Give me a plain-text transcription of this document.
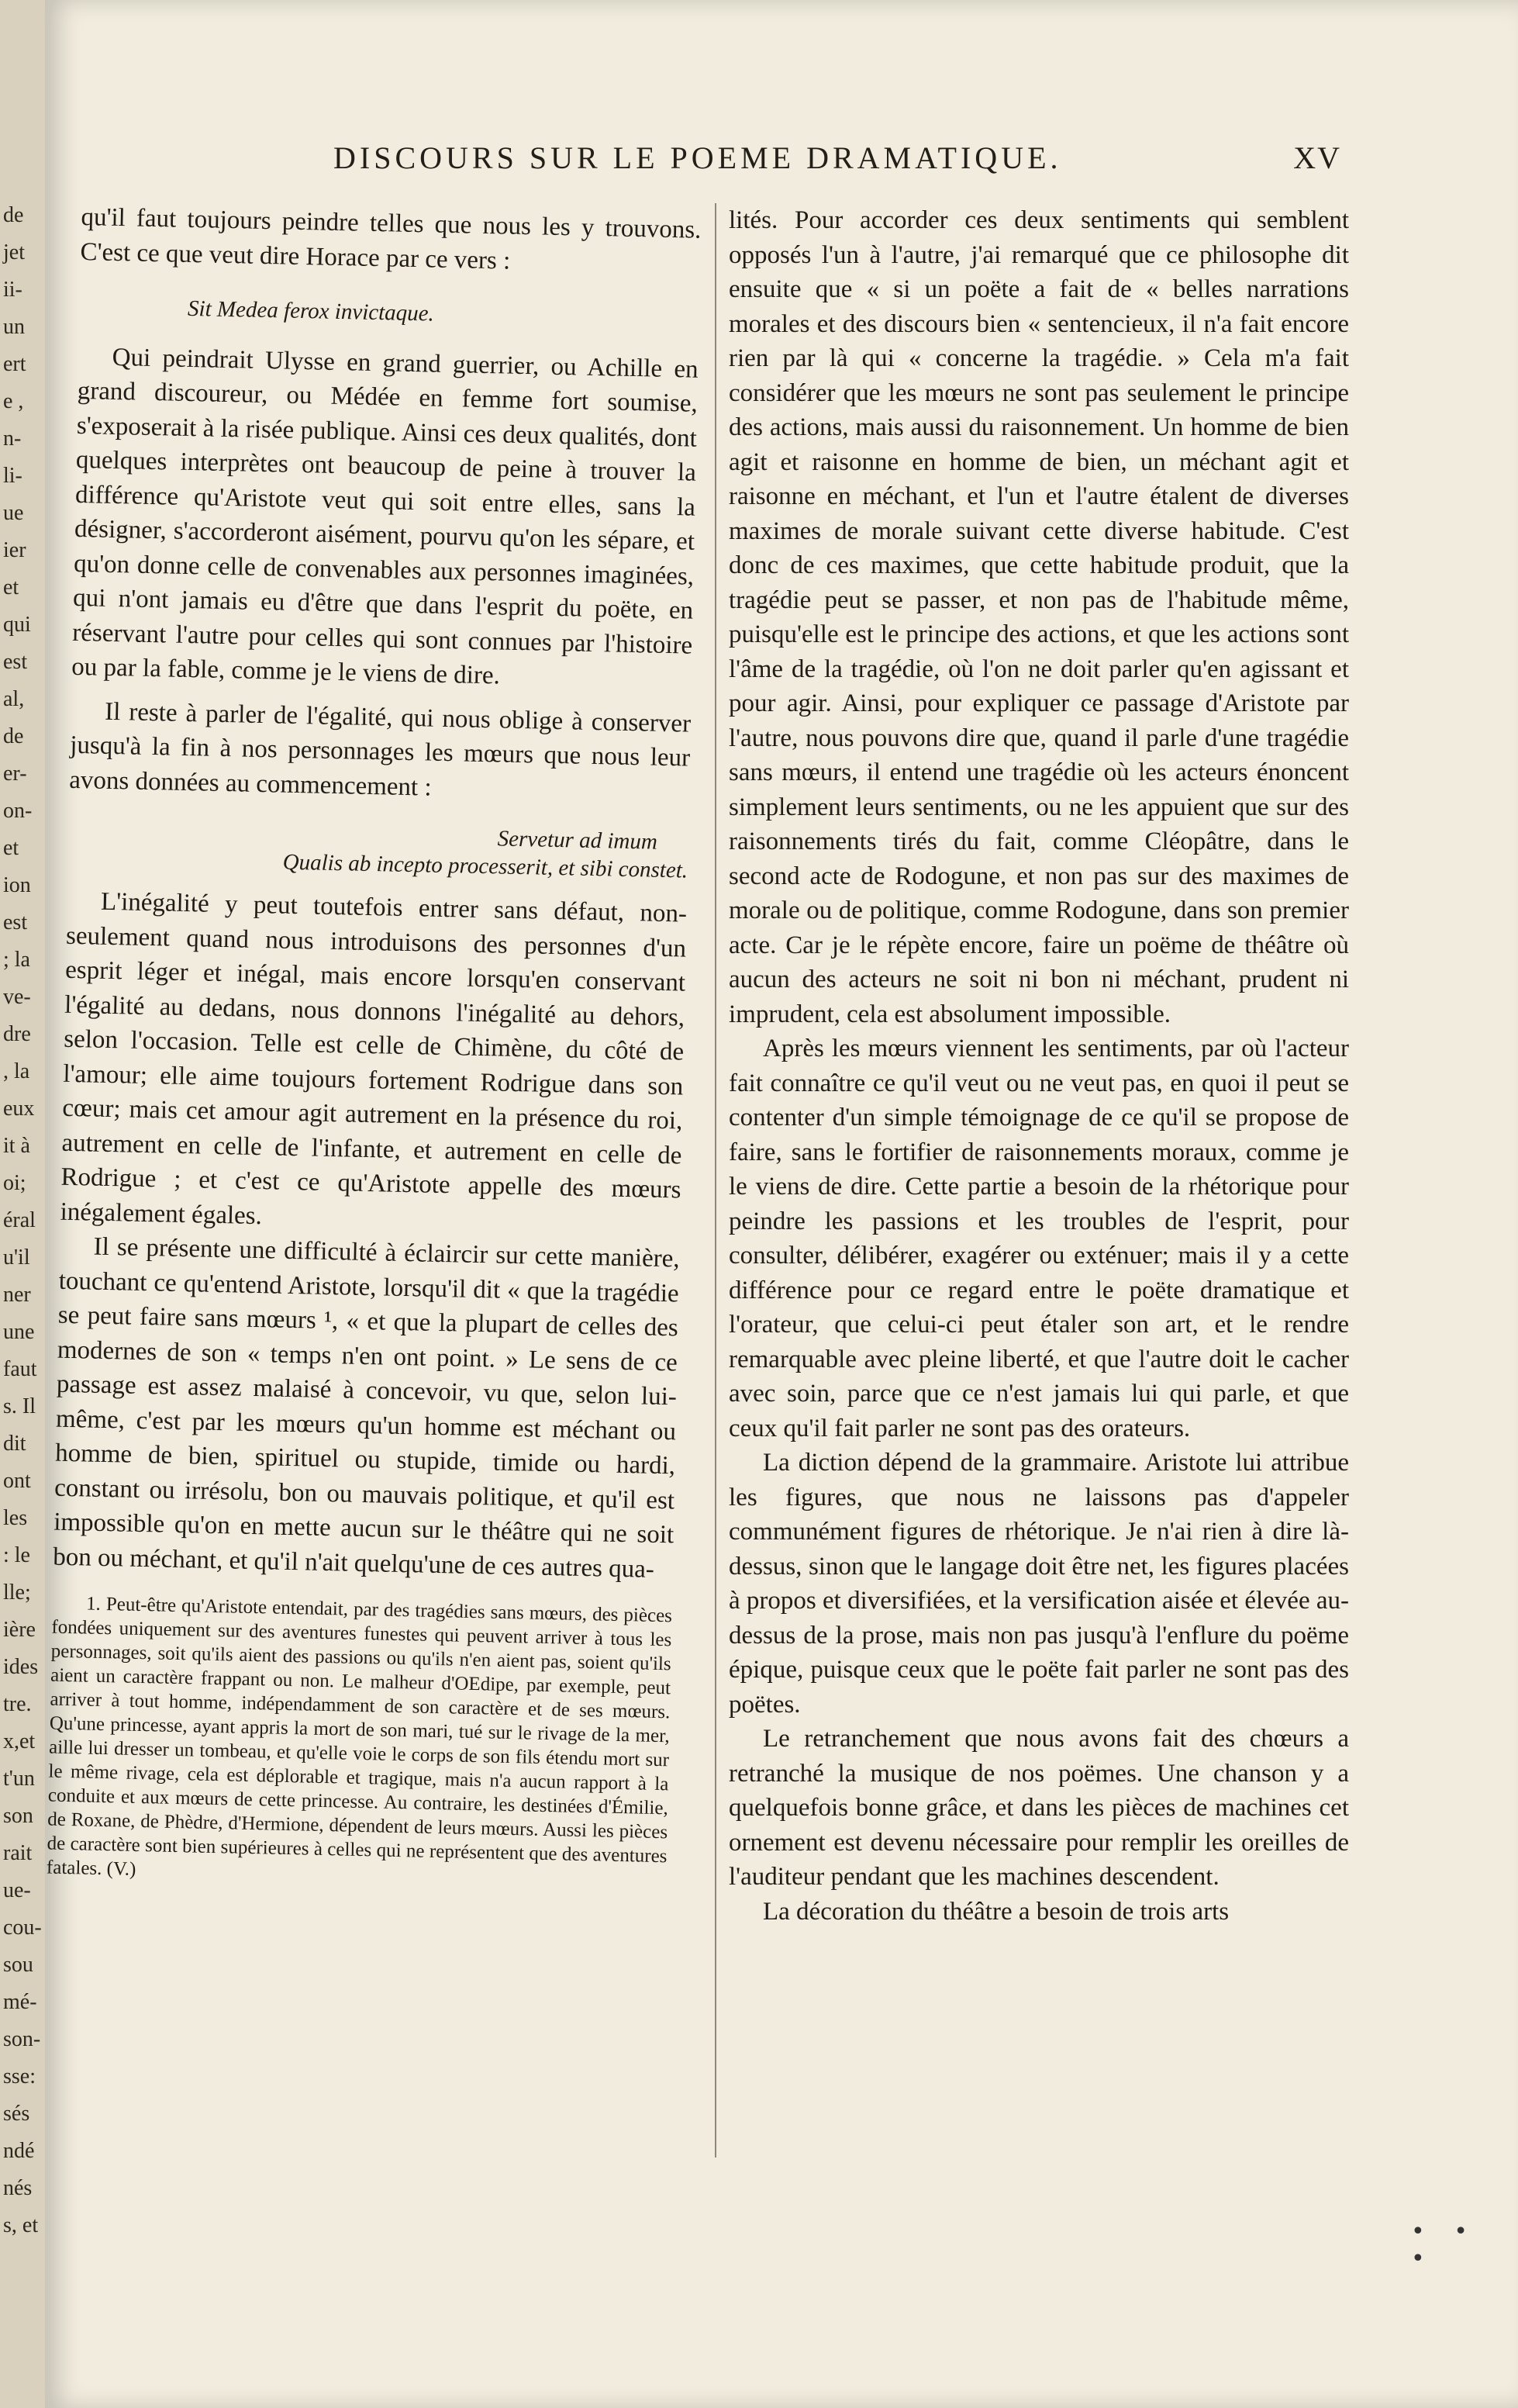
de
jet
ii-
un
ert
e ,
n-
li-
ue
ier
et
qui
est
al,
de
er-
on-
et
ion
est
; la
ve-
dre
, la
eux
it à
oi;
éral
u'il
ner
une
faut
s. Il
dit
ont
les
: le
lle;
ière
ides
tre.
x,et
t'un
son
rait
ue-
cou-
sou
mé-
son-
sse:
sés
ndé
nés
s, et
DISCOURS SUR LE POEME DRAMATIQUE.	XV

qu'il faut toujours peindre telles que nous les y trouvons. C'est ce que veut dire Horace par ce vers :

Sit Medea ferox invictaque.

Qui peindrait Ulysse en grand guerrier, ou Achille en grand discoureur, ou Médée en femme fort soumise, s'exposerait à la risée publique. Ainsi ces deux qualités, dont quelques interprètes ont beaucoup de peine à trouver la différence qu'Aristote veut qui soit entre elles, sans la désigner, s'accorderont aisément, pourvu qu'on les sépare, et qu'on donne celle de convenables aux personnes imaginées, qui n'ont jamais eu d'être que dans l'esprit du poëte, en réservant l'autre pour celles qui sont connues par l'histoire ou par la fable, comme je le viens de dire.

Il reste à parler de l'égalité, qui nous oblige à conserver jusqu'à la fin à nos personnages les mœurs que nous leur avons données au commencement :

Servetur ad imum
Qualis ab incepto processerit, et sibi constet.

L'inégalité y peut toutefois entrer sans défaut, non-seulement quand nous introduisons des personnes d'un esprit léger et inégal, mais encore lorsqu'en conservant l'égalité au dedans, nous donnons l'inégalité au dehors, selon l'occasion. Telle est celle de Chimène, du côté de l'amour; elle aime toujours fortement Rodrigue dans son cœur; mais cet amour agit autrement en la présence du roi, autrement en celle de l'infante, et autrement en celle de Rodrigue ; et c'est ce qu'Aristote appelle des mœurs inégalement égales.

Il se présente une difficulté à éclaircir sur cette manière, touchant ce qu'entend Aristote, lorsqu'il dit « que la tragédie se peut faire sans mœurs ¹, « et que la plupart de celles des modernes de son « temps n'en ont point. » Le sens de ce passage est assez malaisé à concevoir, vu que, selon lui-même, c'est par les mœurs qu'un homme est méchant ou homme de bien, spirituel ou stupide, timide ou hardi, constant ou irrésolu, bon ou mauvais politique, et qu'il est impossible qu'on en mette aucun sur le théâtre qui ne soit bon ou méchant, et qu'il n'ait quelqu'une de ces autres qua-

1. Peut-être qu'Aristote entendait, par des tragédies sans mœurs, des pièces fondées uniquement sur des aventures funestes qui peuvent arriver à tous les personnages, soit qu'ils aient des passions ou qu'ils n'en aient pas, soient qu'ils aient un caractère frappant ou non. Le malheur d'OEdipe, par exemple, peut arriver à tout homme, indépendamment de son caractère et de ses mœurs. Qu'une princesse, ayant appris la mort de son mari, tué sur le rivage de la mer, aille lui dresser un tombeau, et qu'elle voie le corps de son fils étendu mort sur le même rivage, cela est déplorable et tragique, mais n'a aucun rapport à la conduite et aux mœurs de cette princesse. Au contraire, les destinées d'Émilie, de Roxane, de Phèdre, d'Hermione, dépendent de leurs mœurs. Aussi les pièces de caractère sont bien supérieures à celles qui ne représentent que des aventures fatales. (V.)

lités. Pour accorder ces deux sentiments qui semblent opposés l'un à l'autre, j'ai remarqué que ce philosophe dit ensuite que « si un poëte a fait de « belles narrations morales et des discours bien « sentencieux, il n'a fait encore rien par là qui « concerne la tragédie. » Cela m'a fait considérer que les mœurs ne sont pas seulement le principe des actions, mais aussi du raisonnement. Un homme de bien agit et raisonne en homme de bien, un méchant agit et raisonne en méchant, et l'un et l'autre étalent de diverses maximes de morale suivant cette diverse habitude. C'est donc de ces maximes, que cette habitude produit, que la tragédie peut se passer, et non pas de l'habitude même, puisqu'elle est le principe des actions, et que les actions sont l'âme de la tragédie, où l'on ne doit parler qu'en agissant et pour agir. Ainsi, pour expliquer ce passage d'Aristote par l'autre, nous pouvons dire que, quand il parle d'une tragédie sans mœurs, il entend une tragédie où les acteurs énoncent simplement leurs sentiments, ou ne les appuient que sur des raisonnements tirés du fait, comme Cléopâtre, dans le second acte de Rodogune, et non pas sur des maximes de morale ou de politique, comme Rodogune, dans son premier acte. Car je le répète encore, faire un poëme de théâtre où aucun des acteurs ne soit ni bon ni méchant, prudent ni imprudent, cela est absolument impossible.

Après les mœurs viennent les sentiments, par où l'acteur fait connaître ce qu'il veut ou ne veut pas, en quoi il peut se contenter d'un simple témoignage de ce qu'il se propose de faire, sans le fortifier de raisonnements moraux, comme je le viens de dire. Cette partie a besoin de la rhétorique pour peindre les passions et les troubles de l'esprit, pour consulter, délibérer, exagérer ou exténuer; mais il y a cette différence pour ce regard entre le poëte dramatique et l'orateur, que celui-ci peut étaler son art, et le rendre remarquable avec pleine liberté, et que l'autre doit le cacher avec soin, parce que ce n'est jamais lui qui parle, et que ceux qu'il fait parler ne sont pas des orateurs.

La diction dépend de la grammaire. Aristote lui attribue les figures, que nous ne laissons pas d'appeler communément figures de rhétorique. Je n'ai rien à dire là-dessus, sinon que le langage doit être net, les figures placées à propos et diversifiées, et la versification aisée et élevée au-dessus de la prose, mais non pas jusqu'à l'enflure du poëme épique, puisque ceux que le poëte fait parler ne sont pas des poëtes.

Le retranchement que nous avons fait des chœurs a retranché la musique de nos poëmes. Une chanson y a quelquefois bonne grâce, et dans les pièces de machines cet ornement est devenu nécessaire pour remplir les oreilles de l'auditeur pendant que les machines descendent.

La décoration du théâtre a besoin de trois arts

• • •
